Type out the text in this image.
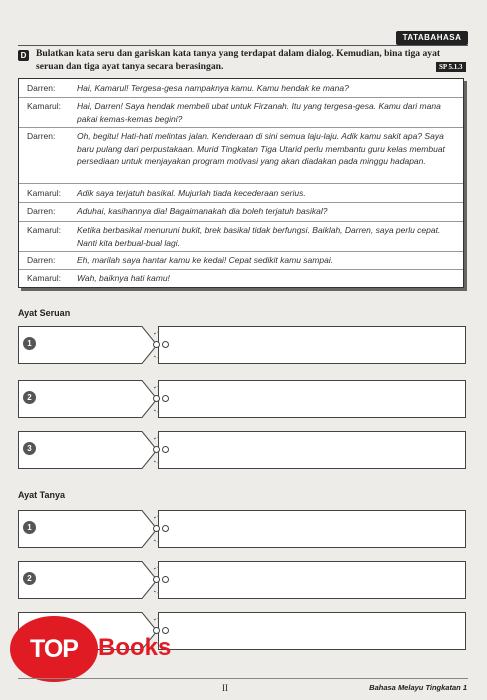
TATABAHASA
D Bulatkan kata seru dan gariskan kata tanya yang terdapat dalam dialog. Kemudian, bina tiga ayat seruan dan tiga ayat tanya secara berasingan.	SP 5.1.3
Darren:	Hai, Kamarul! Tergesa-gesa nampaknya kamu. Kamu hendak ke mana?
Kamarul:	Hai, Darren! Saya hendak membeli ubat untuk Firzanah. Itu yang tergesa-gesa. Kamu dari mana pakai kemas-kemas begini?
Darren:	Oh, begitu! Hati-hati melintas jalan. Kenderaan di sini semua laju-laju. Adik kamu sakit apa? Saya baru pulang dari perpustakaan. Murid Tingkatan Tiga Utarid perlu membantu guru kelas membuat persediaan untuk menjayakan program motivasi yang akan diadakan pada minggu hadapan.
Kamarul:	Adik saya terjatuh basikal. Mujurlah tiada kecederaan serius.
Darren:	Aduhai, kasihannya dia! Bagaimanakah dia boleh terjatuh basikal?
Kamarul:	Ketika berbasikal menuruni bukit, brek basikal tidak berfungsi. Baiklah, Darren, saya perlu cepat. Nanti kita berbual-bual lagi.
Darren:	Eh, marilah saya hantar kamu ke kedai! Cepat sedikit kamu sampai.
Kamarul:	Wah, baiknya hati kamu!
Ayat Seruan
1
2
3
Ayat Tanya
1
2
TOP Books
II	Bahasa Melayu Tingkatan 1
